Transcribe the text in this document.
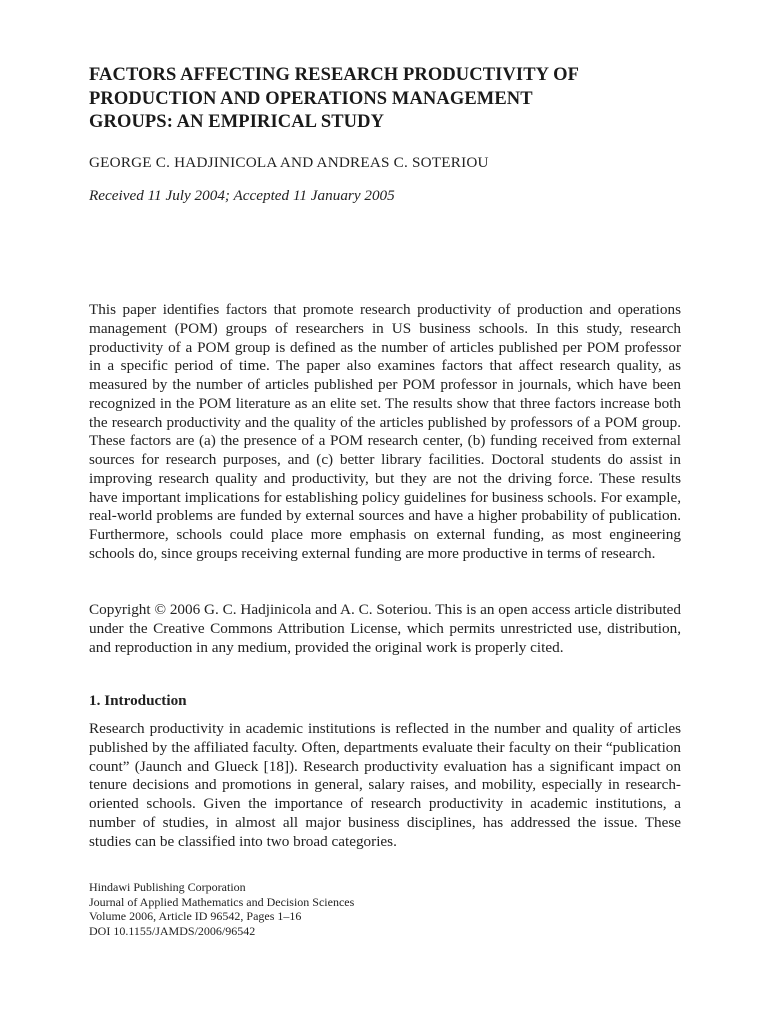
FACTORS AFFECTING RESEARCH PRODUCTIVITY OF
PRODUCTION AND OPERATIONS MANAGEMENT
GROUPS: AN EMPIRICAL STUDY
GEORGE C. HADJINICOLA AND ANDREAS C. SOTERIOU
Received 11 July 2004; Accepted 11 January 2005

This paper identifies factors that promote research productivity of production and operations management (POM) groups of researchers in US business schools. In this study, research productivity of a POM group is defined as the number of articles published per POM professor in a specific period of time. The paper also examines factors that affect research quality, as measured by the number of articles published per POM professor in journals, which have been recognized in the POM literature as an elite set. The results show that three factors increase both the research productivity and the quality of the articles published by professors of a POM group. These factors are (a) the presence of a POM research center, (b) funding received from external sources for research purposes, and (c) better library facilities. Doctoral students do assist in improving research quality and productivity, but they are not the driving force. These results have important implications for establishing policy guidelines for business schools. For example, real-world problems are funded by external sources and have a higher probability of publication. Furthermore, schools could place more emphasis on external funding, as most engineering schools do, since groups receiving external funding are more productive in terms of research.

Copyright © 2006 G. C. Hadjinicola and A. C. Soteriou. This is an open access article distributed under the Creative Commons Attribution License, which permits unrestricted use, distribution, and reproduction in any medium, provided the original work is properly cited.

1. Introduction

Research productivity in academic institutions is reflected in the number and quality of articles published by the affiliated faculty. Often, departments evaluate their faculty on their “publication count” (Jaunch and Glueck [18]). Research productivity evaluation has a significant impact on tenure decisions and promotions in general, salary raises, and mobility, especially in research-oriented schools. Given the importance of research productivity in academic institutions, a number of studies, in almost all major business disciplines, has addressed the issue. These studies can be classified into two broad categories.

Hindawi Publishing Corporation
Journal of Applied Mathematics and Decision Sciences
Volume 2006, Article ID 96542, Pages 1–16
DOI 10.1155/JAMDS/2006/96542
